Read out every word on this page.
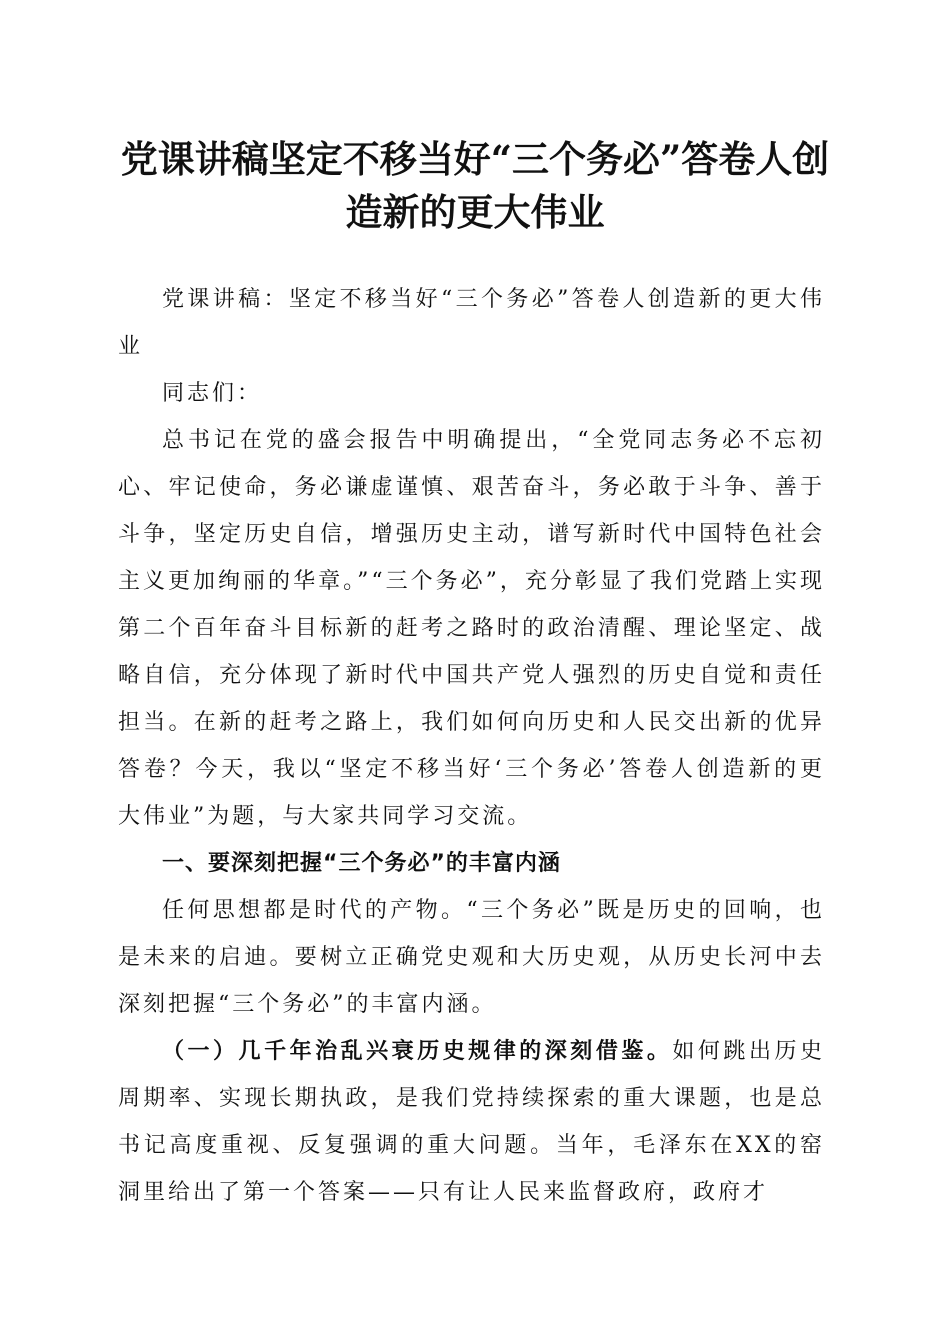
党课讲稿坚定不移当好“三个务必”答卷人创造新的更大伟业

党课讲稿：坚定不移当好“三个务必”答卷人创造新的更大伟业

同志们：

总书记在党的盛会报告中明确提出，“全党同志务必不忘初心、牢记使命，务必谦虚谨慎、艰苦奋斗，务必敢于斗争、善于斗争，坚定历史自信，增强历史主动，谱写新时代中国特色社会主义更加绚丽的华章。”“三个务必”，充分彰显了我们党踏上实现第二个百年奋斗目标新的赶考之路时的政治清醒、理论坚定、战略自信，充分体现了新时代中国共产党人强烈的历史自觉和责任担当。在新的赶考之路上，我们如何向历史和人民交出新的优异答卷？今天，我以“坚定不移当好‘三个务必’答卷人创造新的更大伟业”为题，与大家共同学习交流。

一、要深刻把握“三个务必”的丰富内涵

任何思想都是时代的产物。“三个务必”既是历史的回响，也是未来的启迪。要树立正确党史观和大历史观，从历史长河中去深刻把握“三个务必”的丰富内涵。

（一）几千年治乱兴衰历史规律的深刻借鉴。如何跳出历史周期率、实现长期执政，是我们党持续探索的重大课题，也是总书记高度重视、反复强调的重大问题。当年，毛泽东在XX的窑洞里给出了第一个答案——只有让人民来监督政府，政府才
